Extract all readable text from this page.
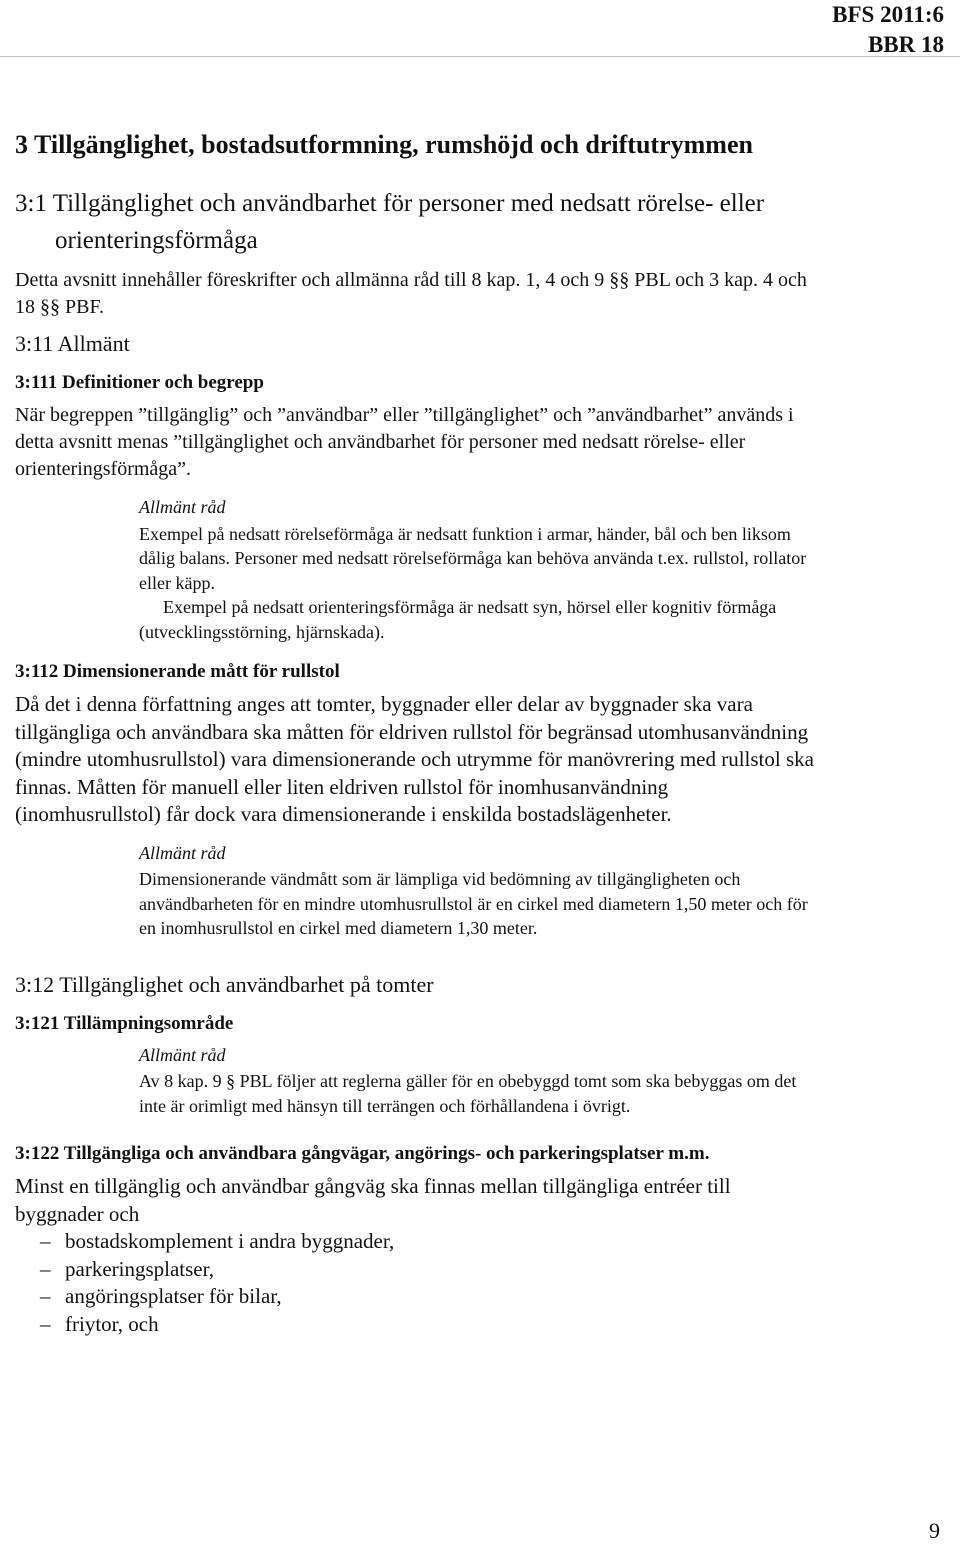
BFS 2011:6
BBR 18
3 Tillgänglighet, bostadsutformning, rumshöjd och driftutrymmen
3:1 Tillgänglighet och användbarhet för personer med nedsatt rörelse- eller orienteringsförmåga

Detta avsnitt innehåller föreskrifter och allmänna råd till 8 kap. 1, 4 och 9 §§ PBL och 3 kap. 4 och 18 §§ PBF.

3:11 Allmänt
3:111 Definitioner och begrepp

När begreppen ”tillgänglig” och ”användbar” eller ”tillgänglighet” och ”användbarhet” används i detta avsnitt menas ”tillgänglighet och användbarhet för personer med nedsatt rörelse- eller orienteringsförmåga”.

Allmänt råd

Exempel på nedsatt rörelseförmåga är nedsatt funktion i armar, händer, bål och ben liksom dålig balans. Personer med nedsatt rörelseförmåga kan behöva använda t.ex. rullstol, rollator eller käpp.

Exempel på nedsatt orienteringsförmåga är nedsatt syn, hörsel eller kognitiv förmåga (utvecklingsstörning, hjärnskada).

3:112 Dimensionerande mått för rullstol

Då det i denna författning anges att tomter, byggnader eller delar av byggnader ska vara tillgängliga och användbara ska måtten för eldriven rullstol för begränsad utomhusanvändning (mindre utomhusrullstol) vara dimensionerande och utrymme för manövrering med rullstol ska finnas. Måtten för manuell eller liten eldriven rullstol för inomhusanvändning (inomhusrullstol) får dock vara dimensionerande i enskilda bostadslägenheter.

Allmänt råd

Dimensionerande vändmått som är lämpliga vid bedömning av tillgängligheten och användbarheten för en mindre utomhusrullstol är en cirkel med diametern 1,50 meter och för en inomhusrullstol en cirkel med diametern 1,30 meter.

3:12 Tillgänglighet och användbarhet på tomter
3:121 Tillämpningsområde
Allmänt råd

Av 8 kap. 9 § PBL följer att reglerna gäller för en obebyggd tomt som ska bebyggas om det inte är orimligt med hänsyn till terrängen och förhållandena i övrigt.

3:122 Tillgängliga och användbara gångvägar, angörings- och parkeringsplatser m.m.

Minst en tillgänglig och användbar gångväg ska finnas mellan tillgängliga entréer till byggnader och

– bostadskomplement i andra byggnader,
– parkeringsplatser,
– angöringsplatser för bilar,
– friytor, och
9
